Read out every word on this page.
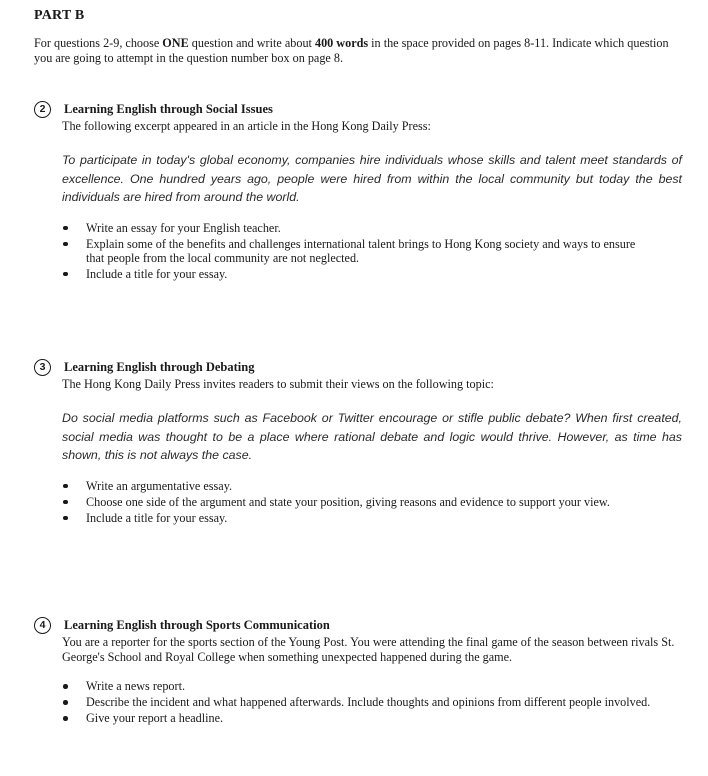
PART B
For questions 2-9, choose ONE question and write about 400 words in the space provided on pages 8-11. Indicate which question you are going to attempt in the question number box on page 8.
2	Learning English through Social Issues
The following excerpt appeared in an article in the Hong Kong Daily Press:
To participate in today's global economy, companies hire individuals whose skills and talent meet standards of excellence. One hundred years ago, people were hired from within the local community but today the best individuals are hired from around the world.
Write an essay for your English teacher.
Explain some of the benefits and challenges international talent brings to Hong Kong society and ways to ensure that people from the local community are not neglected.
Include a title for your essay.
3	Learning English through Debating
The Hong Kong Daily Press invites readers to submit their views on the following topic:
Do social media platforms such as Facebook or Twitter encourage or stifle public debate? When first created, social media was thought to be a place where rational debate and logic would thrive. However, as time has shown, this is not always the case.
Write an argumentative essay.
Choose one side of the argument and state your position, giving reasons and evidence to support your view.
Include a title for your essay.
4	Learning English through Sports Communication
You are a reporter for the sports section of the Young Post. You were attending the final game of the season between rivals St. George's School and Royal College when something unexpected happened during the game.
Write a news report.
Describe the incident and what happened afterwards. Include thoughts and opinions from different people involved.
Give your report a headline.
